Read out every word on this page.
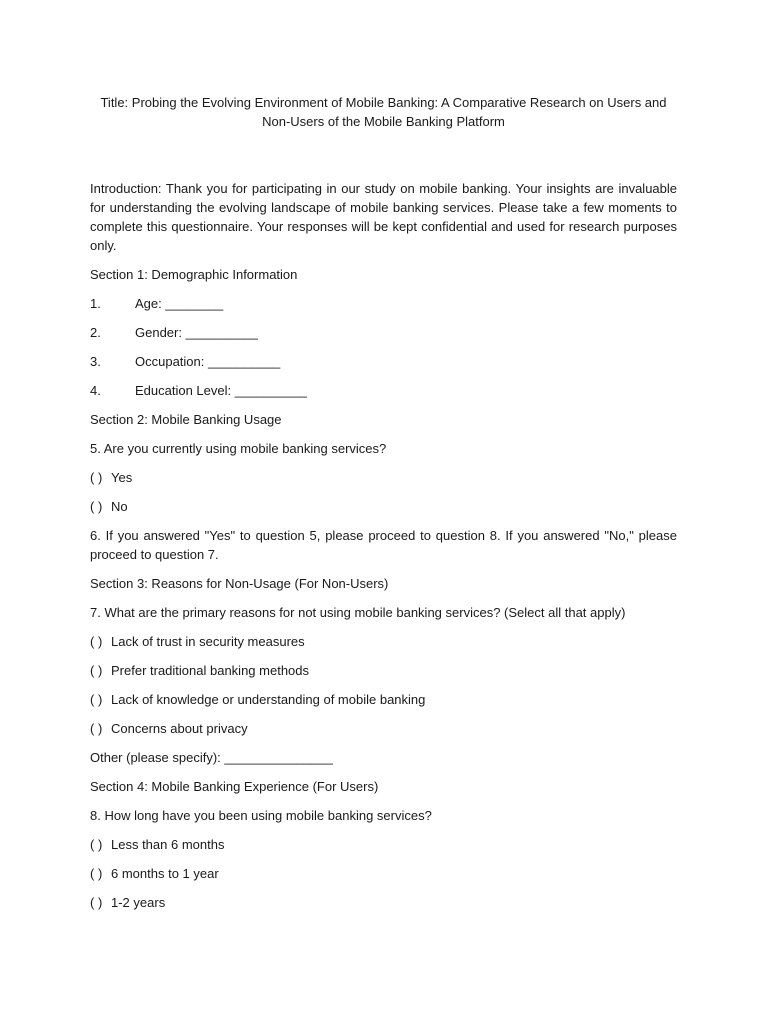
Title: Probing the Evolving Environment of Mobile Banking: A Comparative Research on Users and Non-Users of the Mobile Banking Platform

Introduction: Thank you for participating in our study on mobile banking. Your insights are invaluable for understanding the evolving landscape of mobile banking services. Please take a few moments to complete this questionnaire. Your responses will be kept confidential and used for research purposes only.

Section 1: Demographic Information

1.	Age: ________
2.	Gender: __________
3.	Occupation: __________
4.	Education Level: __________

Section 2: Mobile Banking Usage

5. Are you currently using mobile banking services?

( ) Yes
( ) No

6. If you answered "Yes" to question 5, please proceed to question 8. If you answered "No," please proceed to question 7.

Section 3: Reasons for Non-Usage (For Non-Users)

7. What are the primary reasons for not using mobile banking services? (Select all that apply)

( ) Lack of trust in security measures
( ) Prefer traditional banking methods
( ) Lack of knowledge or understanding of mobile banking
( ) Concerns about privacy

Other (please specify): _______________

Section 4: Mobile Banking Experience (For Users)

8. How long have you been using mobile banking services?

( ) Less than 6 months
( ) 6 months to 1 year
( ) 1-2 years
